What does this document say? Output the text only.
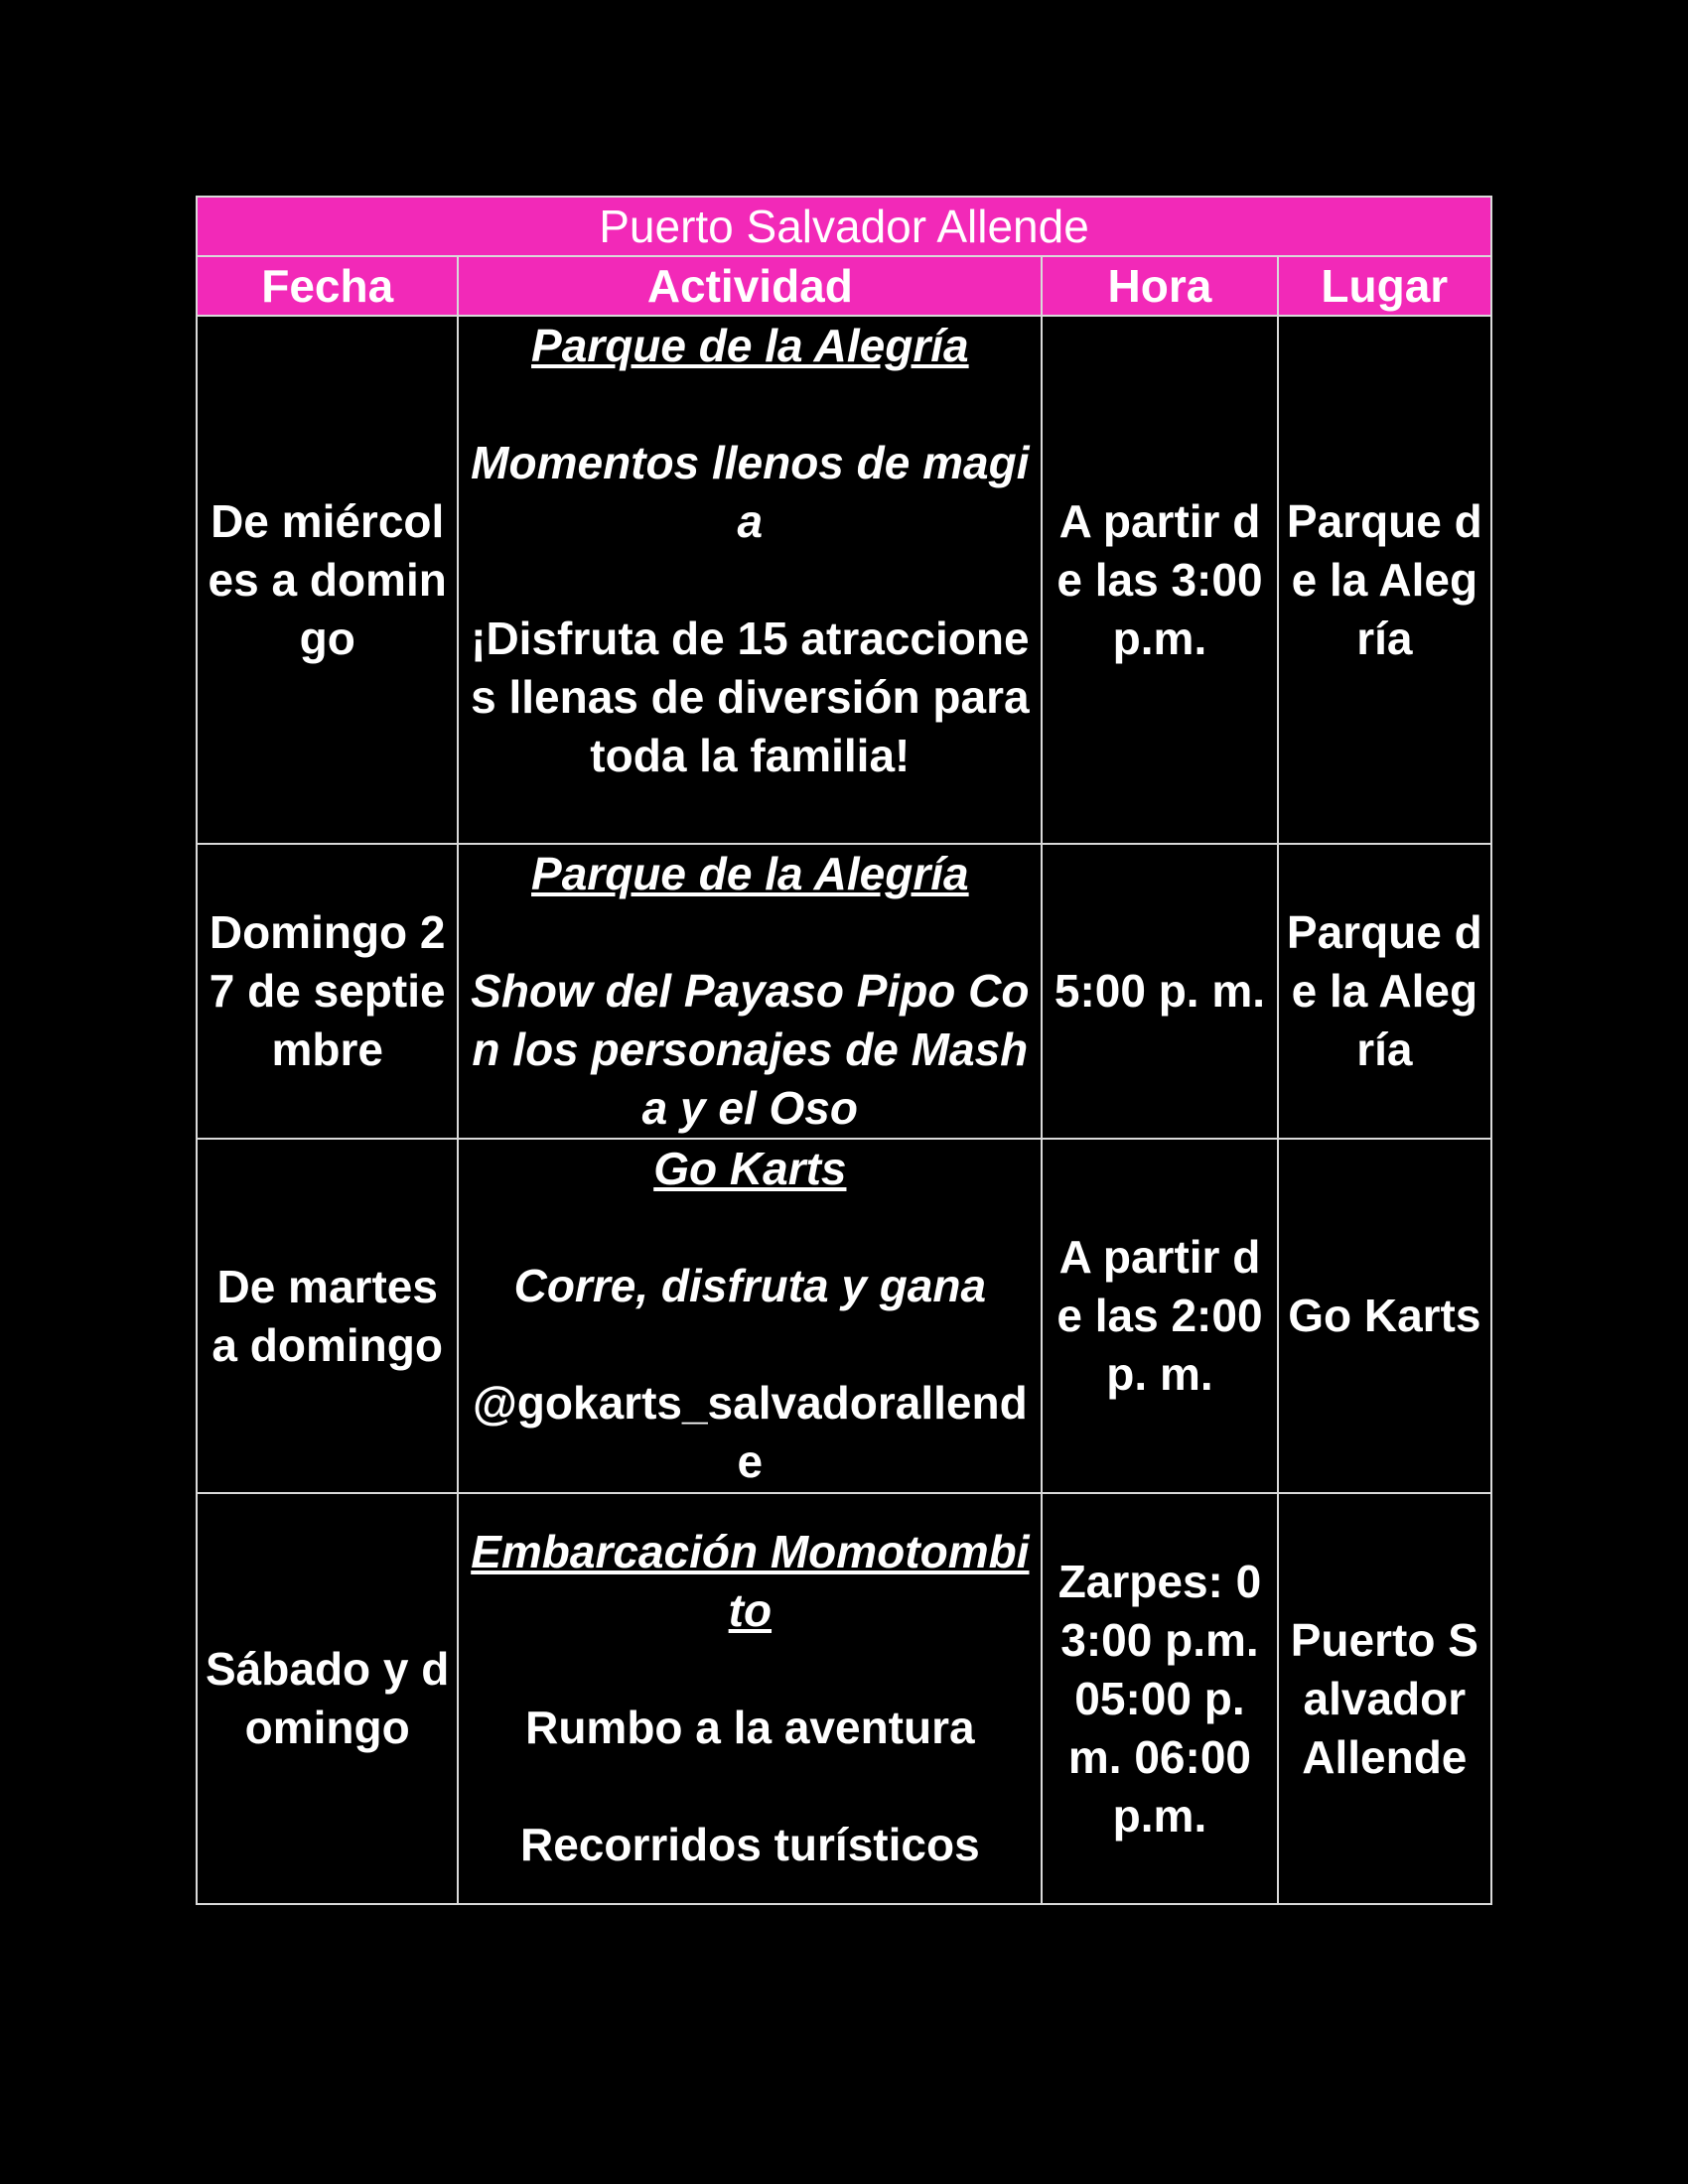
Puerto Salvador Allende			
Fecha	Actividad	Hora	Lugar
De miércoles a domingo	Parque de la Alegría
Momentos llenos de magia
¡Disfruta de 15 atracciones llenas de diversión para toda la familia!	A partir de las 3:00 p.m.	Parque de la Alegría
Domingo 27 de septiembre	Parque de la Alegría
Show del Payaso Pipo Con los personajes de Masha y el Oso	5:00 p. m.	Parque de la Alegría
De martes a domingo	Go Karts
Corre, disfruta y gana
@gokarts_salvadorallende	A partir de las 2:00 p. m.	Go Karts
Sábado y domingo	Embarcación Momotombito
Rumbo a la aventura
Recorridos turísticos	Zarpes: 03:00 p.m. 05:00 p.m. 06:00 p.m.	Puerto Salvador Allende
